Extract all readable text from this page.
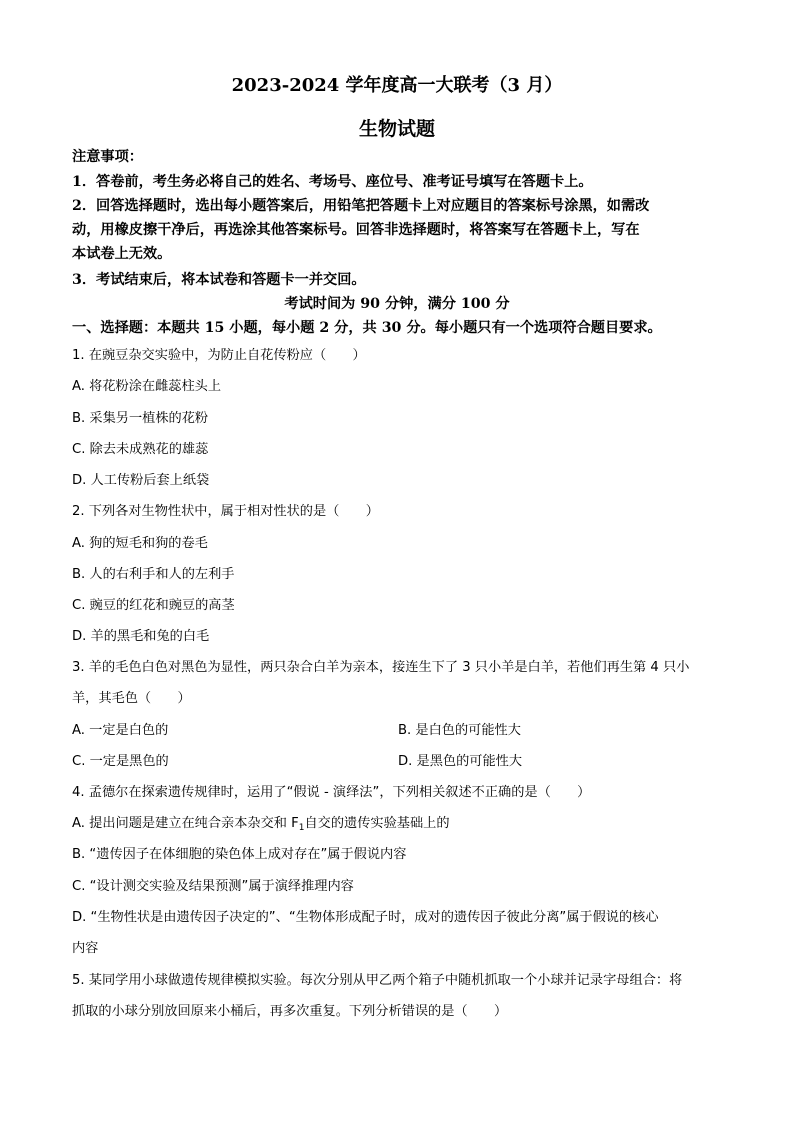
2023-2024 学年度高一大联考（3 月）
生物试题
注意事项：
1．答卷前，考生务必将自己的姓名、考场号、座位号、准考证号填写在答题卡上。
2．回答选择题时，选出每小题答案后，用铅笔把答题卡上对应题目的答案标号涂黑，如需改
动，用橡皮擦干净后，再选涂其他答案标号。回答非选择题时，将答案写在答题卡上，写在
本试卷上无效。
3．考试结束后，将本试卷和答题卡一并交回。
考试时间为 90 分钟，满分 100 分
一、选择题：本题共 15 小题，每小题 2 分，共 30 分。每小题只有一个选项符合题目要求。
1. 在豌豆杂交实验中，为防止自花传粉应（　　）
A. 将花粉涂在雌蕊柱头上
B. 采集另一植株的花粉
C. 除去未成熟花的雄蕊
D. 人工传粉后套上纸袋
2. 下列各对生物性状中，属于相对性状的是（　　）
A. 狗的短毛和狗的卷毛
B. 人的右利手和人的左利手
C. 豌豆的红花和豌豆的高茎
D. 羊的黑毛和兔的白毛
3. 羊的毛色白色对黑色为显性，两只杂合白羊为亲本，接连生下了 3 只小羊是白羊，若他们再生第 4 只小
羊，其毛色（　　）
A. 一定是白色的	B. 是白色的可能性大
C. 一定是黑色的	D. 是黑色的可能性大
4. 孟德尔在探索遗传规律时，运用了“假说 - 演绎法”，下列相关叙述不正确的是（　　）
A. 提出问题是建立在纯合亲本杂交和 $F_1$自交的遗传实验基础上的
B. “遗传因子在体细胞的染色体上成对存在”属于假说内容
C. “设计测交实验及结果预测”属于演绎推理内容
D. “生物性状是由遗传因子决定的”、“生物体形成配子时，成对的遗传因子彼此分离”属于假说的核心
内容
5. 某同学用小球做遗传规律模拟实验。每次分别从甲乙两个箱子中随机抓取一个小球并记录字母组合：将
抓取的小球分别放回原来小桶后，再多次重复。下列分析错误的是（　　）
